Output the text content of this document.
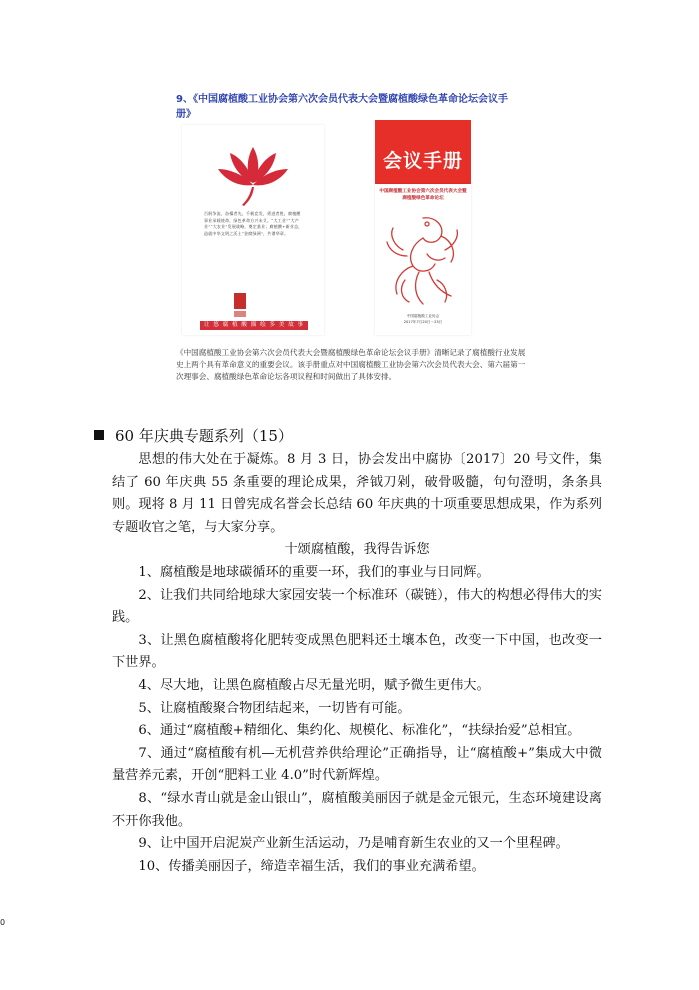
9、《中国腐植酸工业协会第六次会员代表大会暨腐植酸绿色革命论坛会议手册》
百舸争流，奋楫者先。千帆竞发，勇进者胜。腐植酸事业承载使命，绿色革命方兴未艾。“大工业”“大产业”“大农业”发展战略，奠定基业；腐植酸+新业态，造就中华文明之沃土“金腐绿洲”，共谱华章。
让 悠 腐 植 酸 描 绘 多 美 故 事 回 报
会议手册
中国腐植酸工业协会第六次会员代表大会暨腐植酸绿色革命论坛
中国腐植酸工业协会
2017年7月20日～23日
《中国腐植酸工业协会第六次会员代表大会暨腐植酸绿色革命论坛会议手册》清晰记录了腐植酸行业发展史上两个具有革命意义的重要会议。该手册重点对中国腐植酸工业协会第六次会员代表大会、第六届第一次理事会、腐植酸绿色革命论坛各项议程和时间做出了具体安排。
60 年庆典专题系列（15）

思想的伟大处在于凝炼。8 月 3 日，协会发出中腐协〔2017〕20 号文件，集结了 60 年庆典 55 条重要的理论成果，斧钺刀剁，破骨吸髓，句句澄明，条条具则。现将 8 月 11 日曾宪成名誉会长总结 60 年庆典的十项重要思想成果，作为系列专题收官之笔，与大家分享。

十颂腐植酸，我得告诉您

1、腐植酸是地球碳循环的重要一环，我们的事业与日同辉。

2、让我们共同给地球大家园安装一个标准环（碳链），伟大的构想必得伟大的实践。

3、让黑色腐植酸将化肥转变成黑色肥料还土壤本色，改变一下中国，也改变一下世界。

4、尽大地，让黑色腐植酸占尽无量光明，赋予微生更伟大。

5、让腐植酸聚合物团结起来，一切皆有可能。

6、通过“腐植酸+精细化、集约化、规模化、标准化”，“扶绿抬爱”总相宜。

7、通过“腐植酸有机—无机营养供给理论”正确指导，让“腐植酸+”集成大中微量营养元素，开创“肥料工业 4.0”时代新辉煌。

8、“绿水青山就是金山银山”，腐植酸美丽因子就是金元银元，生态环境建设离不开你我他。

9、让中国开启泥炭产业新生活运动，乃是哺育新生农业的又一个里程碑。

10、传播美丽因子，缔造幸福生活，我们的事业充满希望。

0
